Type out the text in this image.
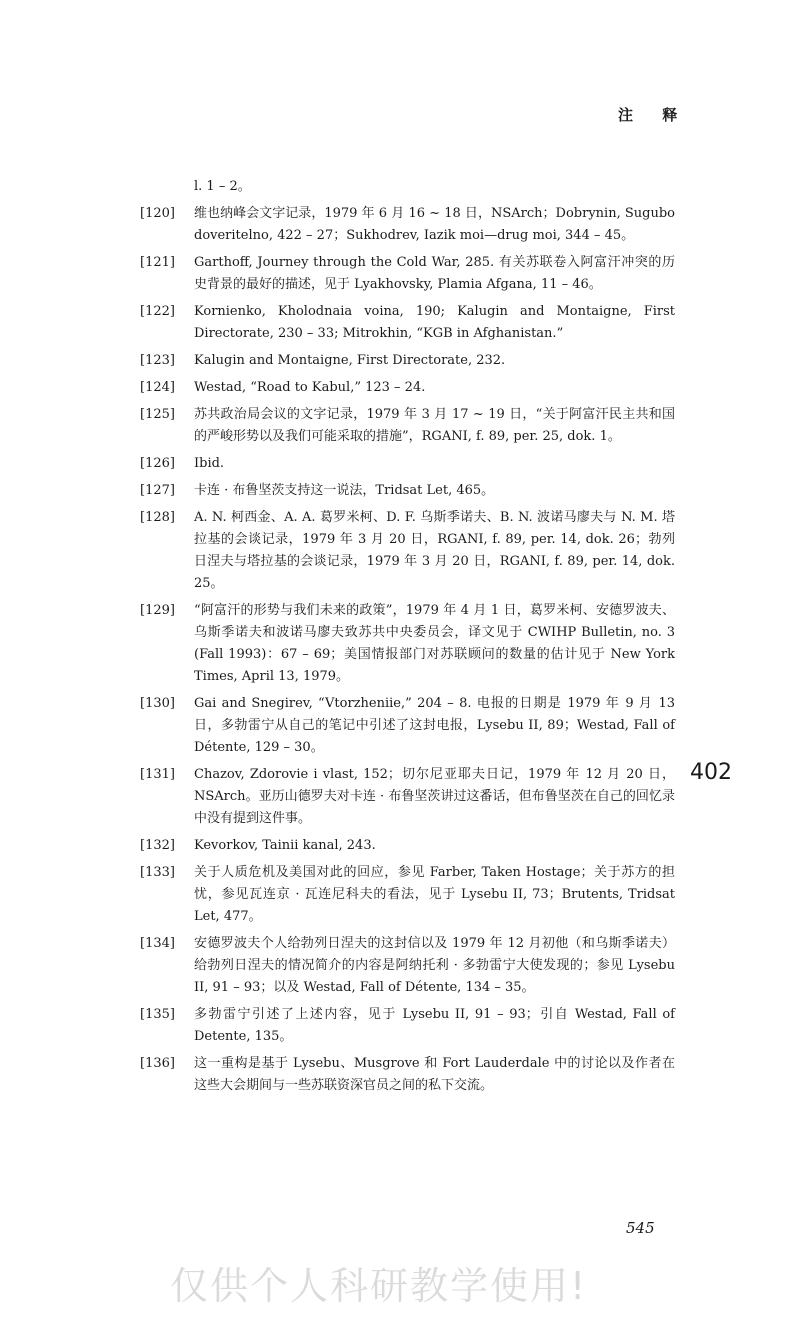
注 释
l. 1 – 2。
[120]	维也纳峰会文字记录，1979 年 6 月 16 ~ 18 日，NSArch；Dobrynin, Sugubo doveritelno, 422 – 27；Sukhodrev, Iazik moi—drug moi, 344 – 45。
[121]	Garthoff, Journey through the Cold War, 285. 有关苏联卷入阿富汗冲突的历史背景的最好的描述，见于 Lyakhovsky, Plamia Afgana, 11 – 46。
[122]	Kornienko, Kholodnaia voina, 190; Kalugin and Montaigne, First Directorate, 230 – 33; Mitrokhin, “KGB in Afghanistan.”
[123]	Kalugin and Montaigne, First Directorate, 232.
[124]	Westad, “Road to Kabul,” 123 – 24.
[125]	苏共政治局会议的文字记录，1979 年 3 月 17 ~ 19 日，“关于阿富汗民主共和国的严峻形势以及我们可能采取的措施”，RGANI, f. 89, per. 25, dok. 1。
[126]	Ibid.
[127]	卡连 · 布鲁坚茨支持这一说法，Tridsat Let, 465。
[128]	A. N. 柯西金、A. A. 葛罗米柯、D. F. 乌斯季诺夫、B. N. 波诺马廖夫与 N. M. 塔拉基的会谈记录，1979 年 3 月 20 日，RGANI, f. 89, per. 14, dok. 26；勃列日涅夫与塔拉基的会谈记录，1979 年 3 月 20 日，RGANI, f. 89, per. 14, dok. 25。
[129]	“阿富汗的形势与我们未来的政策”，1979 年 4 月 1 日，葛罗米柯、安德罗波夫、乌斯季诺夫和波诺马廖夫致苏共中央委员会，译文见于 CWIHP Bulletin, no. 3 (Fall 1993)：67 – 69；美国情报部门对苏联顾问的数量的估计见于 New York Times, April 13, 1979。
[130]	Gai and Snegirev, “Vtorzheniie,” 204 – 8. 电报的日期是 1979 年 9 月 13 日，多勃雷宁从自己的笔记中引述了这封电报，Lysebu II, 89；Westad, Fall of Détente, 129 – 30。
[131]	Chazov, Zdorovie i vlast, 152；切尔尼亚耶夫日记，1979 年 12 月 20 日，NSArch。亚历山德罗夫对卡连 · 布鲁坚茨讲过这番话，但布鲁坚茨在自己的回忆录中没有提到这件事。
[132]	Kevorkov, Tainii kanal, 243.
[133]	关于人质危机及美国对此的回应，参见 Farber, Taken Hostage；关于苏方的担忧，参见瓦连京 · 瓦连尼科夫的看法，见于 Lysebu II, 73；Brutents, Tridsat Let, 477。
[134]	安德罗波夫个人给勃列日涅夫的这封信以及 1979 年 12 月初他（和乌斯季诺夫）给勃列日涅夫的情况简介的内容是阿纳托利 · 多勃雷宁大使发现的；参见 Lysebu II, 91 – 93；以及 Westad, Fall of Détente, 134 – 35。
[135]	多勃雷宁引述了上述内容，见于 Lysebu II, 91 – 93；引自 Westad, Fall of Detente, 135。
[136]	这一重构是基于 Lysebu、Musgrove 和 Fort Lauderdale 中的讨论以及作者在这些大会期间与一些苏联资深官员之间的私下交流。
402
545
仅供个人科研教学使用!
